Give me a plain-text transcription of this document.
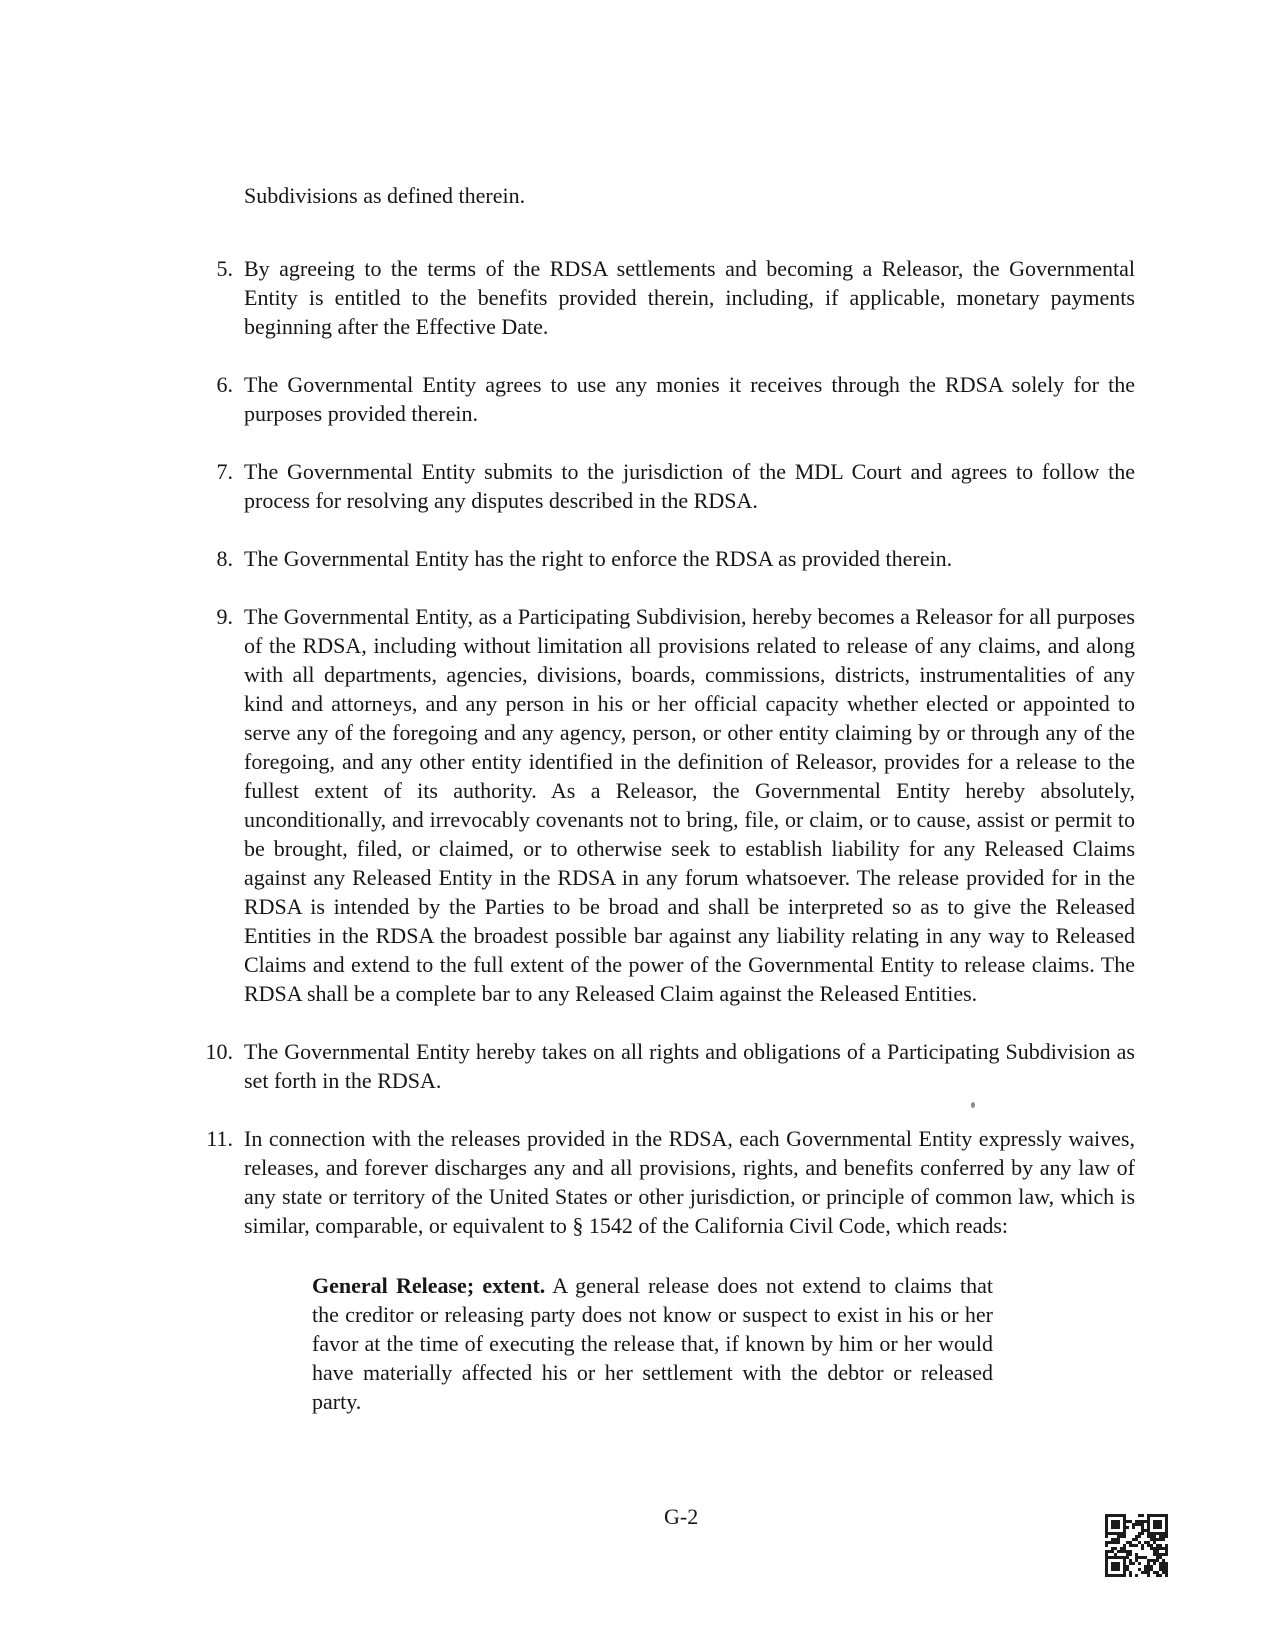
Subdivisions as defined therein.

5. By agreeing to the terms of the RDSA settlements and becoming a Releasor, the Governmental Entity is entitled to the benefits provided therein, including, if applicable, monetary payments beginning after the Effective Date.

6. The Governmental Entity agrees to use any monies it receives through the RDSA solely for the purposes provided therein.

7. The Governmental Entity submits to the jurisdiction of the MDL Court and agrees to follow the process for resolving any disputes described in the RDSA.

8. The Governmental Entity has the right to enforce the RDSA as provided therein.

9. The Governmental Entity, as a Participating Subdivision, hereby becomes a Releasor for all purposes of the RDSA, including without limitation all provisions related to release of any claims, and along with all departments, agencies, divisions, boards, commissions, districts, instrumentalities of any kind and attorneys, and any person in his or her official capacity whether elected or appointed to serve any of the foregoing and any agency, person, or other entity claiming by or through any of the foregoing, and any other entity identified in the definition of Releasor, provides for a release to the fullest extent of its authority. As a Releasor, the Governmental Entity hereby absolutely, unconditionally, and irrevocably covenants not to bring, file, or claim, or to cause, assist or permit to be brought, filed, or claimed, or to otherwise seek to establish liability for any Released Claims against any Released Entity in the RDSA in any forum whatsoever. The release provided for in the RDSA is intended by the Parties to be broad and shall be interpreted so as to give the Released Entities in the RDSA the broadest possible bar against any liability relating in any way to Released Claims and extend to the full extent of the power of the Governmental Entity to release claims. The RDSA shall be a complete bar to any Released Claim against the Released Entities.

10. The Governmental Entity hereby takes on all rights and obligations of a Participating Subdivision as set forth in the RDSA.

11. In connection with the releases provided in the RDSA, each Governmental Entity expressly waives, releases, and forever discharges any and all provisions, rights, and benefits conferred by any law of any state or territory of the United States or other jurisdiction, or principle of common law, which is similar, comparable, or equivalent to § 1542 of the California Civil Code, which reads:

General Release; extent. A general release does not extend to claims that the creditor or releasing party does not know or suspect to exist in his or her favor at the time of executing the release that, if known by him or her would have materially affected his or her settlement with the debtor or released party.
G-2
